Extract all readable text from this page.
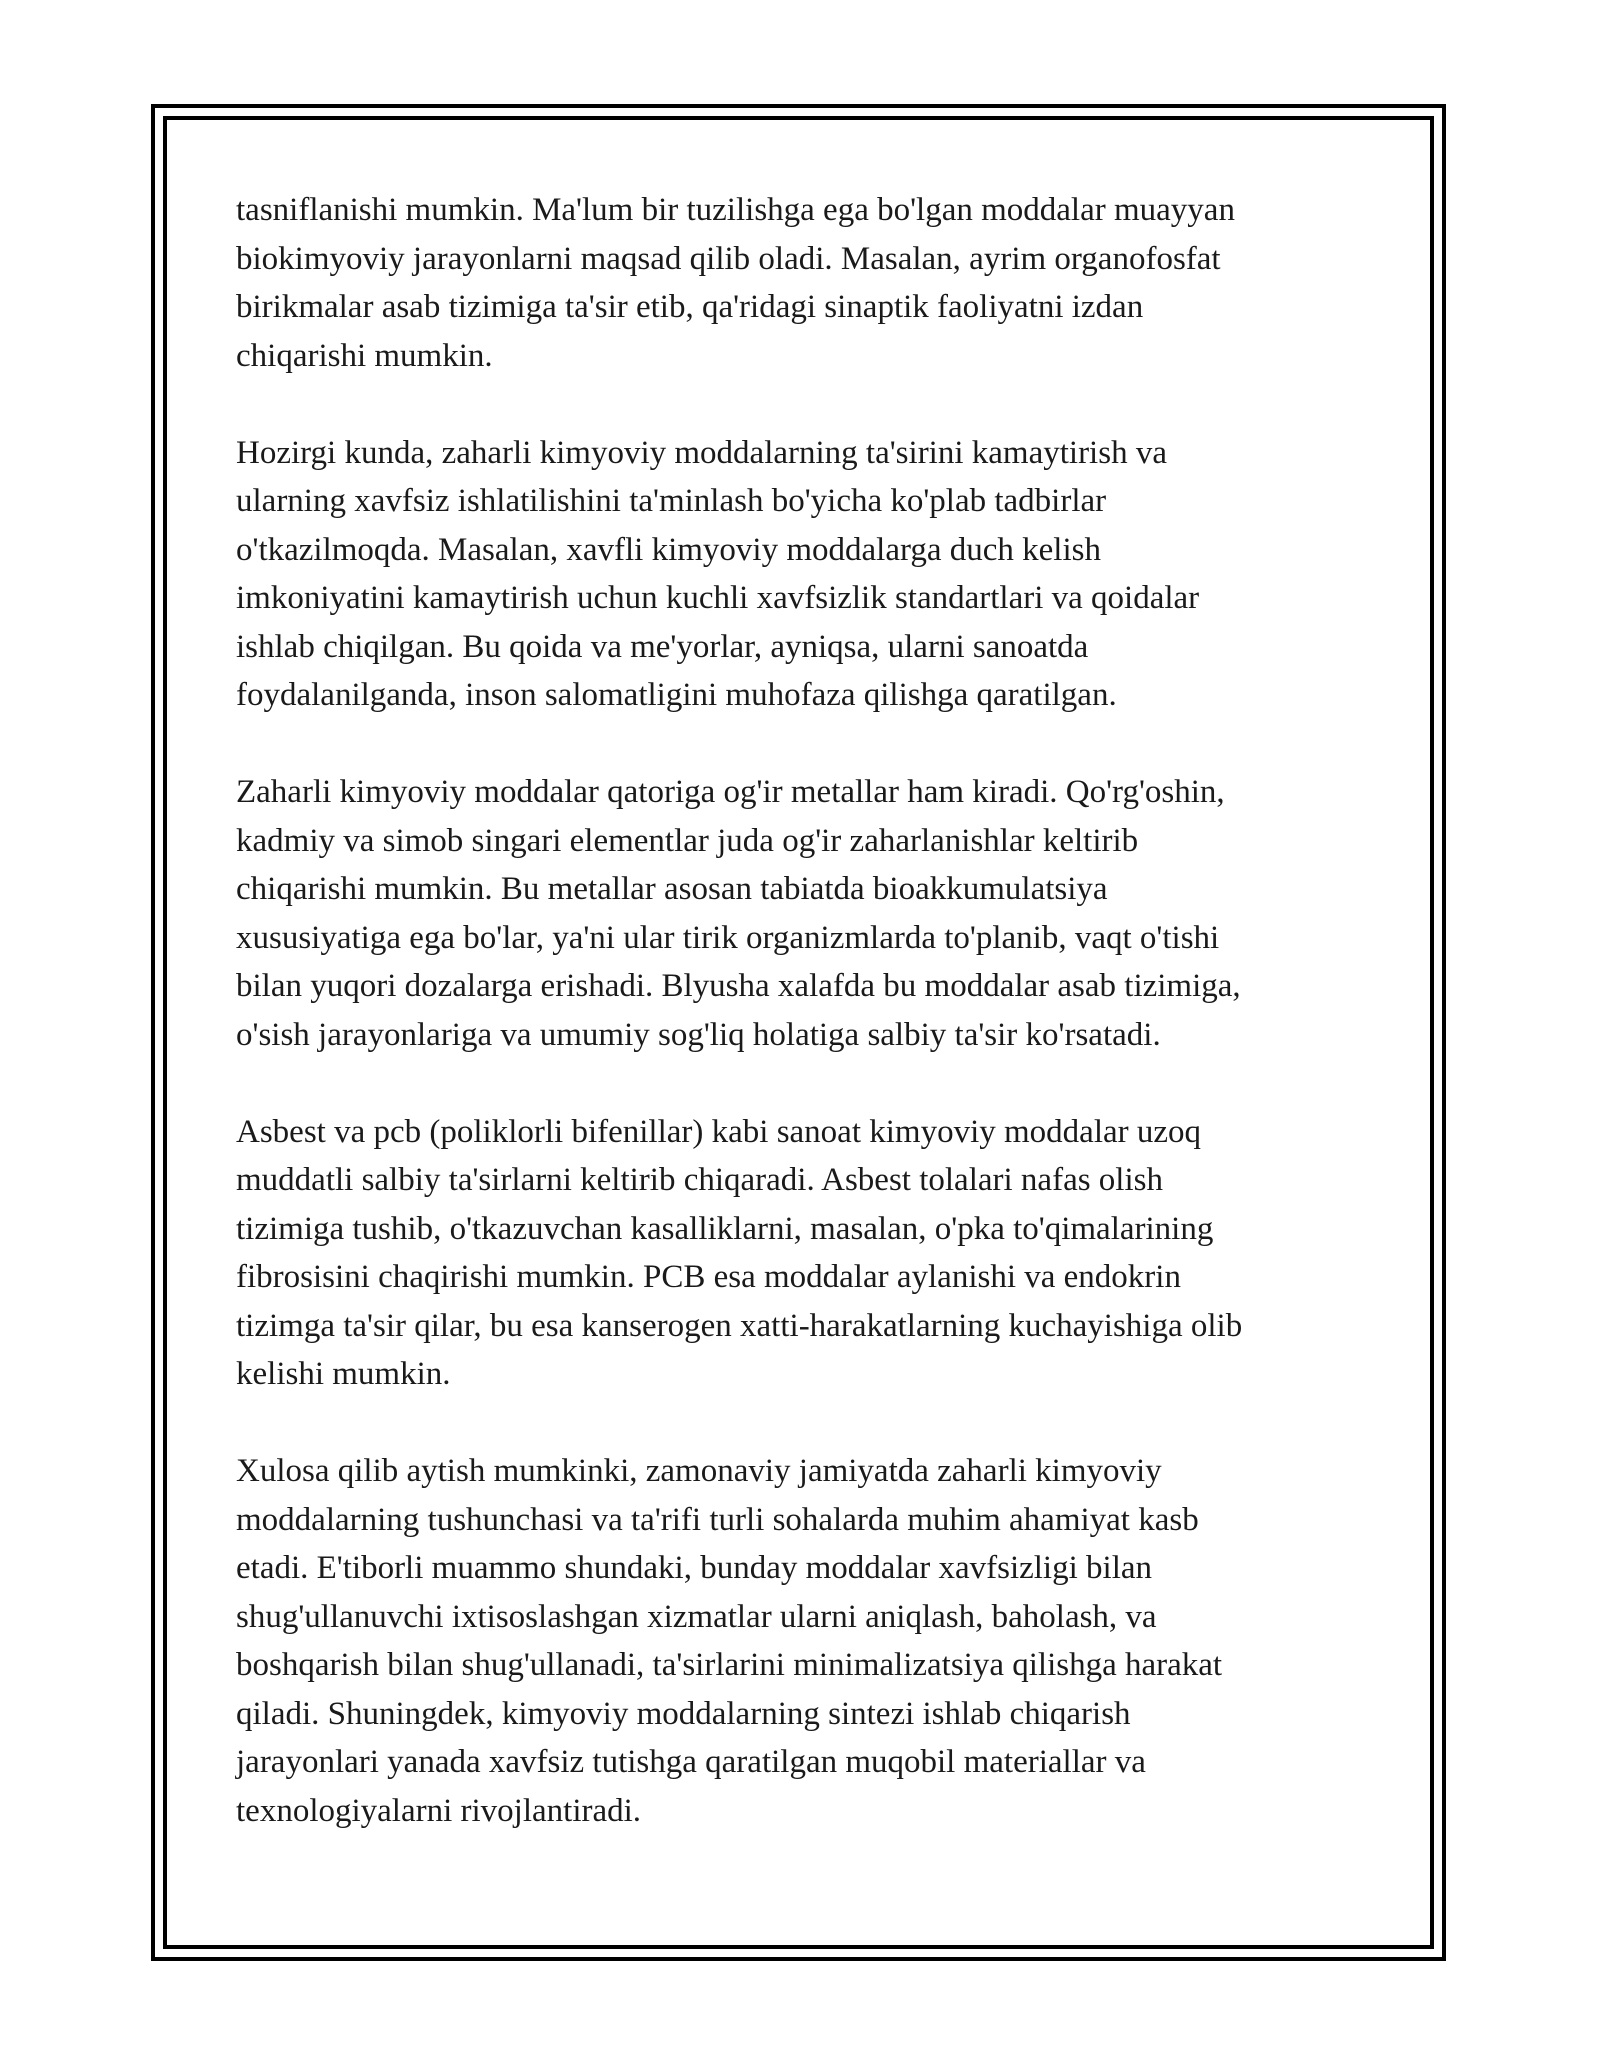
tasniflanishi mumkin. Ma'lum bir tuzilishga ega bo'lgan moddalar muayyan
biokimyoviy jarayonlarni maqsad qilib oladi. Masalan, ayrim organofosfat
birikmalar asab tizimiga ta'sir etib, qa'ridagi sinaptik faoliyatni izdan
chiqarishi mumkin.

Hozirgi kunda, zaharli kimyoviy moddalarning ta'sirini kamaytirish va
ularning xavfsiz ishlatilishini ta'minlash bo'yicha ko'plab tadbirlar
o'tkazilmoqda. Masalan, xavfli kimyoviy moddalarga duch kelish
imkoniyatini kamaytirish uchun kuchli xavfsizlik standartlari va qoidalar
ishlab chiqilgan. Bu qoida va me'yorlar, ayniqsa, ularni sanoatda
foydalanilganda, inson salomatligini muhofaza qilishga qaratilgan.

Zaharli kimyoviy moddalar qatoriga og'ir metallar ham kiradi. Qo'rg'oshin,
kadmiy va simob singari elementlar juda og'ir zaharlanishlar keltirib
chiqarishi mumkin. Bu metallar asosan tabiatda bioakkumulatsiya
xususiyatiga ega bo'lar, ya'ni ular tirik organizmlarda to'planib, vaqt o'tishi
bilan yuqori dozalarga erishadi. Blyusha xalafda bu moddalar asab tizimiga,
o'sish jarayonlariga va umumiy sog'liq holatiga salbiy ta'sir ko'rsatadi.

Asbest va pcb (poliklorli bifenillar) kabi sanoat kimyoviy moddalar uzoq
muddatli salbiy ta'sirlarni keltirib chiqaradi. Asbest tolalari nafas olish
tizimiga tushib, o'tkazuvchan kasalliklarni, masalan, o'pka to'qimalarining
fibrosisini chaqirishi mumkin. PCB esa moddalar aylanishi va endokrin
tizimga ta'sir qilar, bu esa kanserogen xatti-harakatlarning kuchayishiga olib
kelishi mumkin.

Xulosa qilib aytish mumkinki, zamonaviy jamiyatda zaharli kimyoviy
moddalarning tushunchasi va ta'rifi turli sohalarda muhim ahamiyat kasb
etadi. E'tiborli muammo shundaki, bunday moddalar xavfsizligi bilan
shug'ullanuvchi ixtisoslashgan xizmatlar ularni aniqlash, baholash, va
boshqarish bilan shug'ullanadi, ta'sirlarini minimalizatsiya qilishga harakat
qiladi. Shuningdek, kimyoviy moddalarning sintezi ishlab chiqarish
jarayonlari yanada xavfsiz tutishga qaratilgan muqobil materiallar va
texnologiyalarni rivojlantiradi.
